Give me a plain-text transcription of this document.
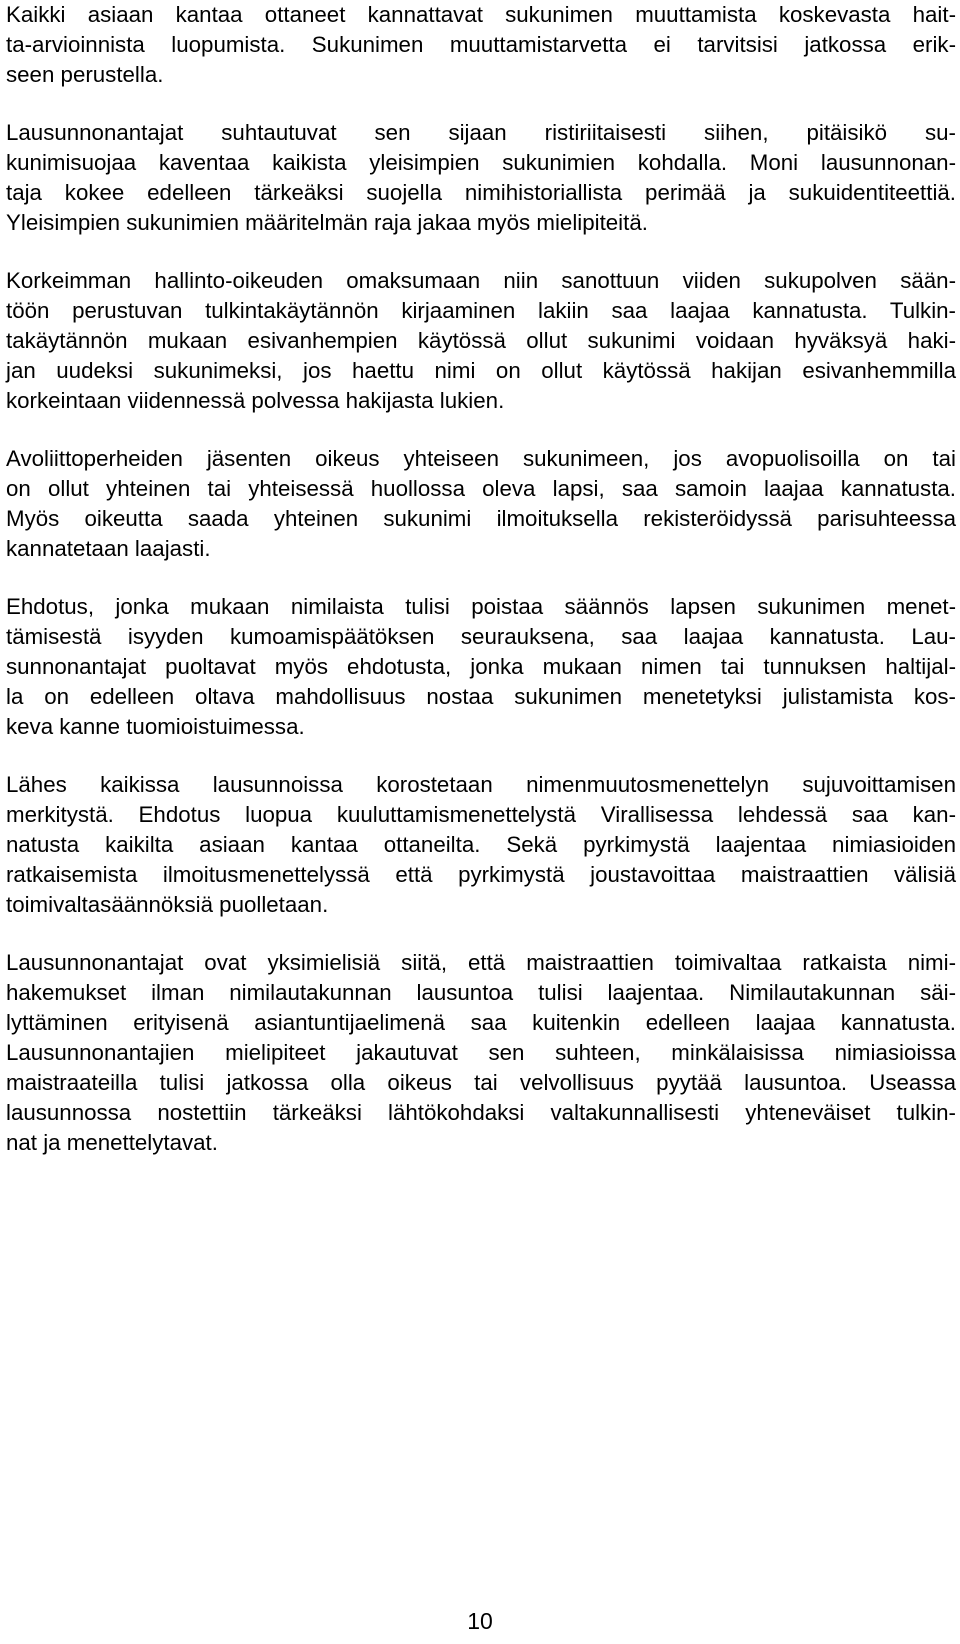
Kaikki asiaan kantaa ottaneet kannattavat sukunimen muuttamista koskevasta hait-
ta-arvioinnista luopumista. Sukunimen muuttamistarvetta ei tarvitsisi jatkossa erik-
seen perustella.
Lausunnonantajat suhtautuvat sen sijaan ristiriitaisesti siihen, pitäisikö su-
kunimisuojaa kaventaa kaikista yleisimpien sukunimien kohdalla. Moni lausunnonan-
taja kokee edelleen tärkeäksi suojella nimihistoriallista perimää ja sukuidentiteettiä.
Yleisimpien sukunimien määritelmän raja jakaa myös mielipiteitä.
Korkeimman hallinto-oikeuden omaksumaan niin sanottuun viiden sukupolven sään-
töön perustuvan tulkintakäytännön kirjaaminen lakiin saa laajaa kannatusta. Tulkin-
takäytännön mukaan esivanhempien käytössä ollut sukunimi voidaan hyväksyä haki-
jan uudeksi sukunimeksi, jos haettu nimi on ollut käytössä hakijan esivanhemmilla
korkeintaan viidennessä polvessa hakijasta lukien.
Avoliittoperheiden jäsenten oikeus yhteiseen sukunimeen, jos avopuolisoilla on tai
on ollut yhteinen tai yhteisessä huollossa oleva lapsi, saa samoin laajaa kannatusta.
Myös oikeutta saada yhteinen sukunimi ilmoituksella rekisteröidyssä parisuhteessa
kannatetaan laajasti.
Ehdotus, jonka mukaan nimilaista tulisi poistaa säännös lapsen sukunimen menet-
tämisestä isyyden kumoamispäätöksen seurauksena, saa laajaa kannatusta. Lau-
sunnonantajat puoltavat myös ehdotusta, jonka mukaan nimen tai tunnuksen haltijal-
la on edelleen oltava mahdollisuus nostaa sukunimen menetetyksi julistamista kos-
keva kanne tuomioistuimessa.
Lähes kaikissa lausunnoissa korostetaan nimenmuutosmenettelyn sujuvoittamisen
merkitystä. Ehdotus luopua kuuluttamismenettelystä Virallisessa lehdessä saa kan-
natusta kaikilta asiaan kantaa ottaneilta. Sekä pyrkimystä laajentaa nimiasioiden
ratkaisemista ilmoitusmenettelyssä että pyrkimystä joustavoittaa maistraattien välisiä
toimivaltasäännöksiä puolletaan.
Lausunnonantajat ovat yksimielisiä siitä, että maistraattien toimivaltaa ratkaista nimi-
hakemukset ilman nimilautakunnan lausuntoa tulisi laajentaa. Nimilautakunnan säi-
lyttäminen erityisenä asiantuntijaelimenä saa kuitenkin edelleen laajaa kannatusta.
Lausunnonantajien mielipiteet jakautuvat sen suhteen, minkälaisissa nimiasioissa
maistraateilla tulisi jatkossa olla oikeus tai velvollisuus pyytää lausuntoa. Useassa
lausunnossa nostettiin tärkeäksi lähtökohdaksi valtakunnallisesti yhteneväiset tulkin-
nat ja menettelytavat.
10
